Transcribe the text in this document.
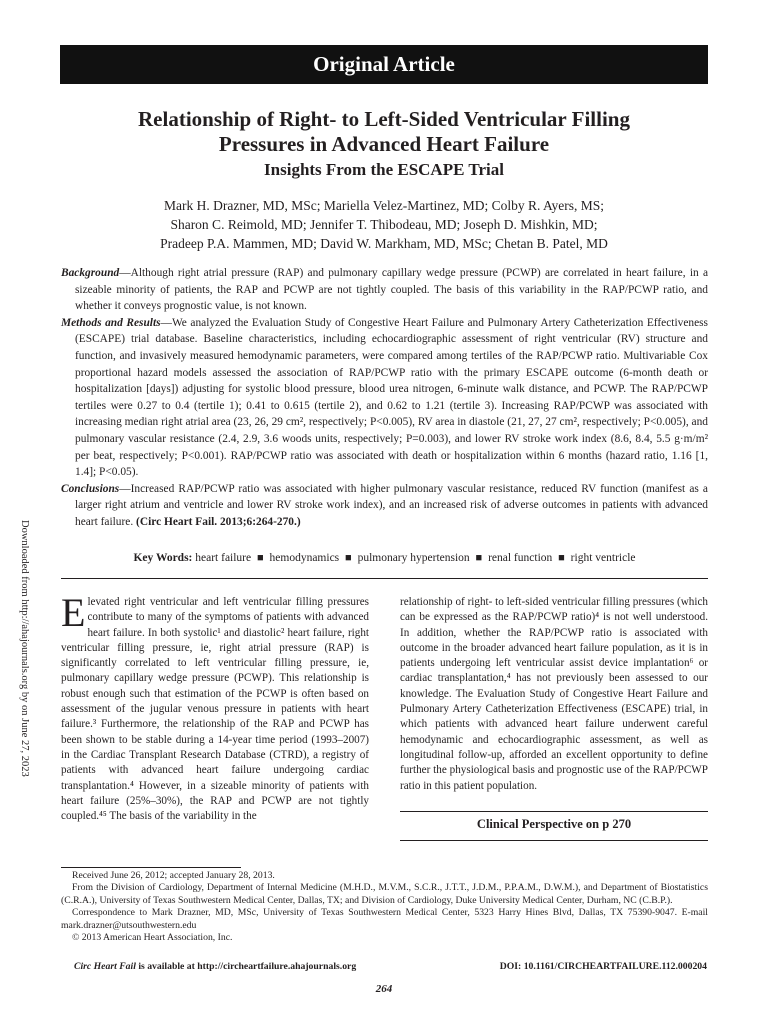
Original Article
Relationship of Right- to Left-Sided Ventricular Filling
Pressures in Advanced Heart Failure
Insights From the ESCAPE Trial
Mark H. Drazner, MD, MSc; Mariella Velez-Martinez, MD; Colby R. Ayers, MS;
Sharon C. Reimold, MD; Jennifer T. Thibodeau, MD; Joseph D. Mishkin, MD;
Pradeep P.A. Mammen, MD; David W. Markham, MD, MSc; Chetan B. Patel, MD

Background—Although right atrial pressure (RAP) and pulmonary capillary wedge pressure (PCWP) are correlated in heart failure, in a sizeable minority of patients, the RAP and PCWP are not tightly coupled. The basis of this variability in the RAP/PCWP ratio, and whether it conveys prognostic value, is not known.

Methods and Results—We analyzed the Evaluation Study of Congestive Heart Failure and Pulmonary Artery Catheterization Effectiveness (ESCAPE) trial database. Baseline characteristics, including echocardiographic assessment of right ventricular (RV) structure and function, and invasively measured hemodynamic parameters, were compared among tertiles of the RAP/PCWP ratio. Multivariable Cox proportional hazard models assessed the association of RAP/PCWP ratio with the primary ESCAPE outcome (6-month death or hospitalization [days]) adjusting for systolic blood pressure, blood urea nitrogen, 6-minute walk distance, and PCWP. The RAP/PCWP tertiles were 0.27 to 0.4 (tertile 1); 0.41 to 0.615 (tertile 2), and 0.62 to 1.21 (tertile 3). Increasing RAP/PCWP was associated with increasing median right atrial area (23, 26, 29 cm², respectively; P<0.005), RV area in diastole (21, 27, 27 cm², respectively; P<0.005), and pulmonary vascular resistance (2.4, 2.9, 3.6 woods units, respectively; P=0.003), and lower RV stroke work index (8.6, 8.4, 5.5 g·m/m² per beat, respectively; P<0.001). RAP/PCWP ratio was associated with death or hospitalization within 6 months (hazard ratio, 1.16 [1, 1.4]; P<0.05).

Conclusions—Increased RAP/PCWP ratio was associated with higher pulmonary vascular resistance, reduced RV function (manifest as a larger right atrium and ventricle and lower RV stroke work index), and an increased risk of adverse outcomes in patients with advanced heart failure. (Circ Heart Fail. 2013;6:264-270.)

Key Words: heart failure ■ hemodynamics ■ pulmonary hypertension ■ renal function ■ right ventricle

Elevated right ventricular and left ventricular filling pressures contribute to many of the symptoms of patients with advanced heart failure. In both systolic¹ and diastolic² heart failure, right ventricular filling pressure, ie, right atrial pressure (RAP) is significantly correlated to left ventricular filling pressure, ie, pulmonary capillary wedge pressure (PCWP). This relationship is robust enough such that estimation of the PCWP is often based on assessment of the jugular venous pressure in patients with heart failure.³ Furthermore, the relationship of the RAP and PCWP has been shown to be stable during a 14-year time period (1993–2007) in the Cardiac Transplant Research Database (CTRD), a registry of patients with advanced heart failure undergoing cardiac transplantation.⁴ However, in a sizeable minority of patients with heart failure (25%–30%), the RAP and PCWP are not tightly coupled.⁴⁵ The basis of the variability in the

relationship of right- to left-sided ventricular filling pressures (which can be expressed as the RAP/PCWP ratio)⁴ is not well understood. In addition, whether the RAP/PCWP ratio is associated with outcome in the broader advanced heart failure population, as it is in patients undergoing left ventricular assist device implantation⁶ or cardiac transplantation,⁴ has not previously been assessed to our knowledge. The Evaluation Study of Congestive Heart Failure and Pulmonary Artery Catheterization Effectiveness (ESCAPE) trial, in which patients with advanced heart failure underwent careful hemodynamic and echocardiographic assessment, as well as longitudinal follow-up, afforded an excellent opportunity to define further the physiological basis and prognostic use of the RAP/PCWP ratio in this patient population.

Clinical Perspective on p 270
Downloaded from http://ahajournals.org by on June 27, 2023

Received June 26, 2012; accepted January 28, 2013.

From the Division of Cardiology, Department of Internal Medicine (M.H.D., M.V.M., S.C.R., J.T.T., J.D.M., P.P.A.M., D.W.M.), and Department of Biostatistics (C.R.A.), University of Texas Southwestern Medical Center, Dallas, TX; and Division of Cardiology, Duke University Medical Center, Durham, NC (C.B.P.).

Correspondence to Mark Drazner, MD, MSc, University of Texas Southwestern Medical Center, 5323 Harry Hines Blvd, Dallas, TX 75390-9047. E-mail mark.drazner@utsouthwestern.edu

© 2013 American Heart Association, Inc.

Circ Heart Fail is available at http://circheartfailure.ahajournals.org	DOI: 10.1161/CIRCHEARTFAILURE.112.000204
264
